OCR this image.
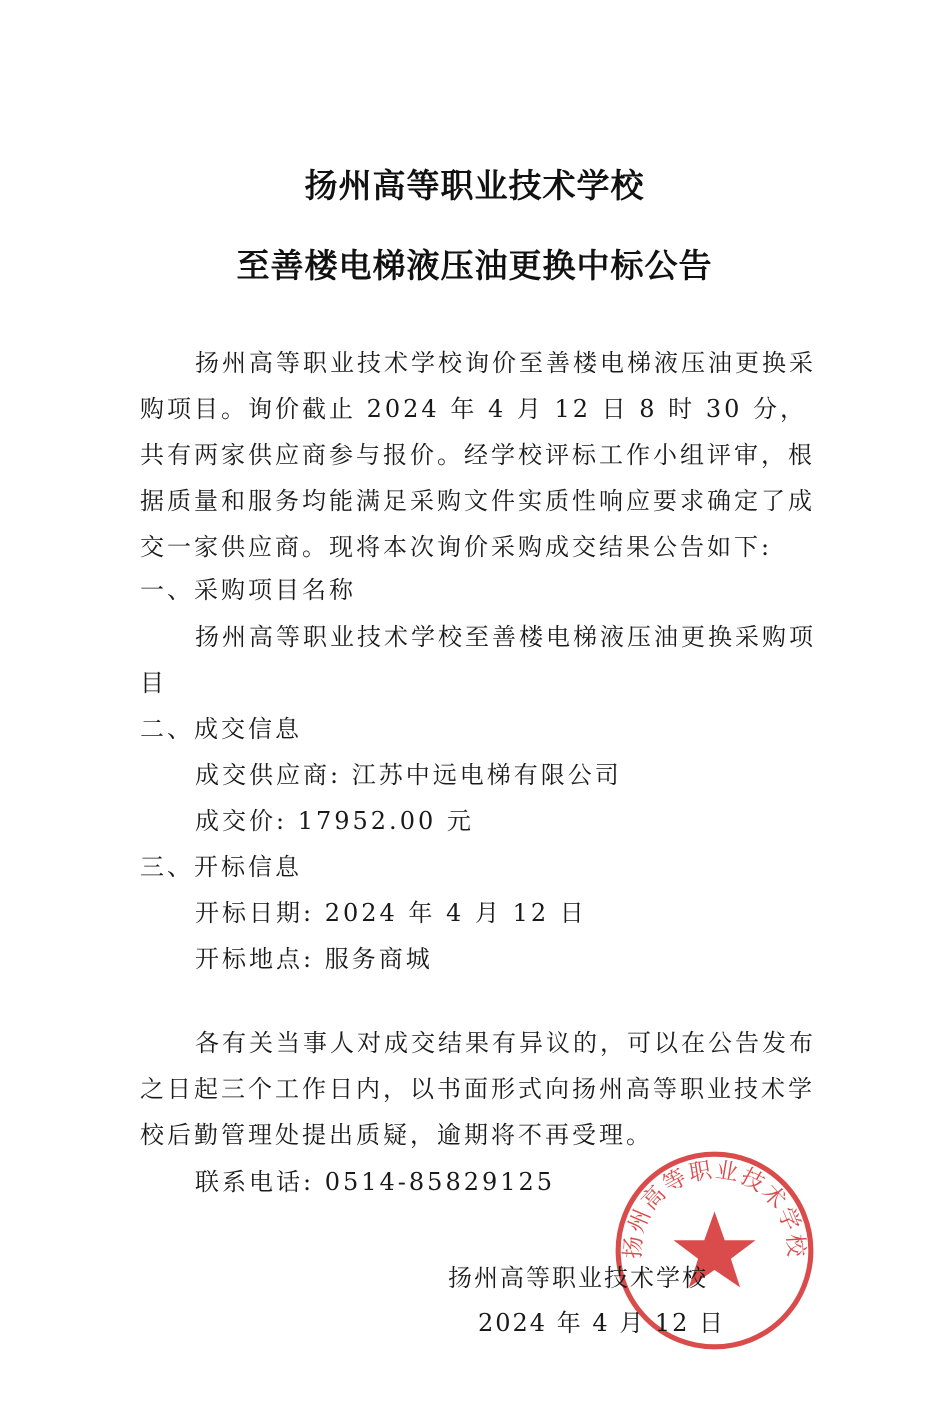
扬州高等职业技术学校
至善楼电梯液压油更换中标公告
扬州高等职业技术学校询价至善楼电梯液压油更换采购项目。询价截止 2024 年 4 月 12 日 8 时 30 分，共有两家供应商参与报价。经学校评标工作小组评审，根据质量和服务均能满足采购文件实质性响应要求确定了成交一家供应商。现将本次询价采购成交结果公告如下:
一、采购项目名称
扬州高等职业技术学校至善楼电梯液压油更换采购项
目
二、成交信息
成交供应商: 江苏中远电梯有限公司
成交价: 17952.00 元
三、开标信息
开标日期: 2024 年 4 月 12 日
开标地点: 服务商城
各有关当事人对成交结果有异议的，可以在公告发布之日起三个工作日内，以书面形式向扬州高等职业技术学校后勤管理处提出质疑，逾期将不再受理。
联系电话: 0514-85829125
扬州高等职业技术学校
扬州高等职业技术学校
2024 年 4 月 12 日
